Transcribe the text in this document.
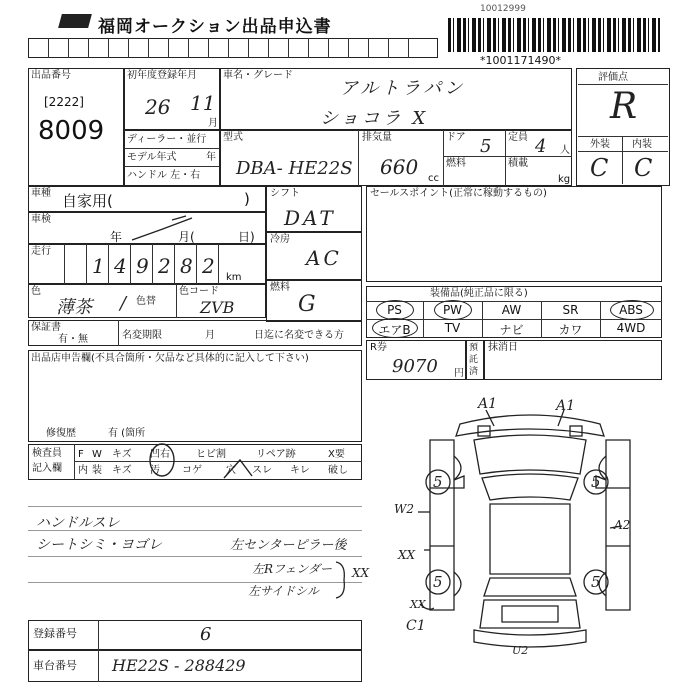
福岡オークション出品申込書
10012999
*1001171490*
出品番号
[2222]
8009
初年度登録年月
26 11
月
車名・グレード
アルトラパン
ショコラ X
評価点
R
外装 内装
C C
ディーラー・並行
モデル年式	年
ハンドル 左・右
型式
DBA- HE22S
排気量
660 cc
ドア 5 定員 4 人
燃料	積載
kg
車種 自家用(	)
車検
年	月(	日)
走行
1 4 9 2 8 2 km
色
薄茶 / 色替
色コード
ZVB
シフト
DAT
冷房
AC
燃料
G
セールスポイント(正常に稼動するもの)
装備品(純正品に限る)
PS	PW	AW	SR	ABS
エアB	TV	ナビ	カワ	4WD
保証書
有・無	名変期限	月	日迄に名変できる方
R券
9070 円
預託済
抹消日
出品店申告欄(不具合箇所・欠品など具体的に記入して下さい)
修復歴	有 (箇所
検査員
記入欄
F W キズ 凹右	ヒビ割	リペア跡	X要
内 装 キズ 汚 コゲ 穴 スレ キレ 破し
ハンドルスレ
シートシミ・ヨゴレ	左センターピラー後
左Rフェンダー
左サイドシル
XX
A1	A1
W2
A2
XX
XX
C1
U2
5	5
5	5
登録番号	6
車台番号 HE22S - 288429
